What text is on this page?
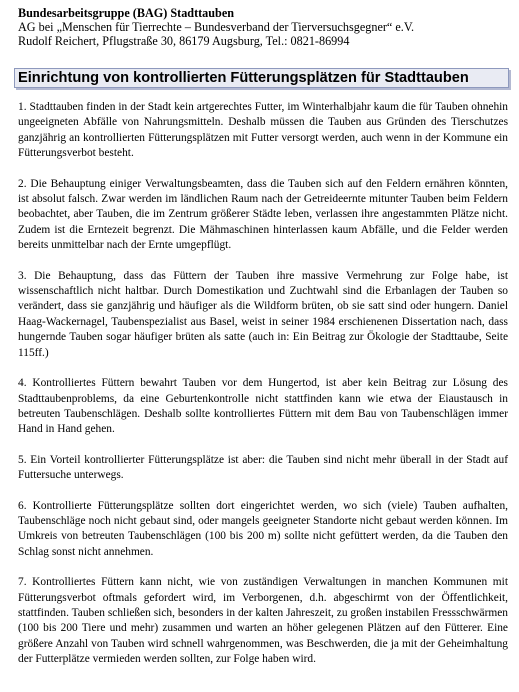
Bundesarbeitsgruppe (BAG) Stadttauben
AG bei „Menschen für Tierrechte – Bundesverband der Tierversuchsgegner“ e.V.
Rudolf Reichert, Pflugstraße 30, 86179 Augsburg, Tel.: 0821-86994
Einrichtung von kontrollierten Fütterungsplätzen für Stadttauben

1. Stadttauben finden in der Stadt kein artgerechtes Futter, im Winterhalbjahr kaum die für Tauben ohnehin ungeeigneten Abfälle von Nahrungsmitteln. Deshalb müssen die Tauben aus Gründen des Tierschutzes ganzjährig an kontrollierten Fütterungsplätzen mit Futter versorgt werden, auch wenn in der Kommune ein Fütterungsverbot besteht.

2. Die Behauptung einiger Verwaltungsbeamten, dass die Tauben sich auf den Feldern ernähren könnten, ist absolut falsch. Zwar werden im ländlichen Raum nach der Getreideernte mitunter Tauben beim Feldern beobachtet, aber Tauben, die im Zentrum größerer Städte leben, verlassen ihre angestammten Plätze nicht. Zudem ist die Erntezeit begrenzt. Die Mähmaschinen hinterlassen kaum Abfälle, und die Felder werden bereits unmittelbar nach der Ernte umgepflügt.

3. Die Behauptung, dass das Füttern der Tauben ihre massive Vermehrung zur Folge habe, ist wissenschaftlich nicht haltbar. Durch Domestikation und Zuchtwahl sind die Erbanlagen der Tauben so verändert, dass sie ganzjährig und häufiger als die Wildform brüten, ob sie satt sind oder hungern. Daniel Haag-Wackernagel, Taubenspezialist aus Basel, weist in seiner 1984 erschienenen Dissertation nach, dass hungernde Tauben sogar häufiger brüten als satte (auch in: Ein Beitrag zur Ökologie der Stadttaube, Seite 115ff.)

4. Kontrolliertes Füttern bewahrt Tauben vor dem Hungertod, ist aber kein Beitrag zur Lösung des Stadttaubenproblems, da eine Geburtenkontrolle nicht stattfinden kann wie etwa der Eiaustausch in betreuten Taubenschlägen. Deshalb sollte kontrolliertes Füttern mit dem Bau von Taubenschlägen immer Hand in Hand gehen.

5. Ein Vorteil kontrollierter Fütterungsplätze ist aber: die Tauben sind nicht mehr überall in der Stadt auf Futtersuche unterwegs.

6. Kontrollierte Fütterungsplätze sollten dort eingerichtet werden, wo sich (viele) Tauben aufhalten, Taubenschläge noch nicht gebaut sind, oder mangels geeigneter Standorte nicht gebaut werden können. Im Umkreis von betreuten Taubenschlägen (100 bis 200 m) sollte nicht gefüttert werden, da die Tauben den Schlag sonst nicht annehmen.

7. Kontrolliertes Füttern kann nicht, wie von zuständigen Verwaltungen in manchen Kommunen mit Fütterungsverbot oftmals gefordert wird, im Verborgenen, d.h. abgeschirmt von der Öffentlichkeit, stattfinden. Tauben schließen sich, besonders in der kalten Jahreszeit, zu großen instabilen Fressschwärmen (100 bis 200 Tiere und mehr) zusammen und warten an höher gelegenen Plätzen auf den Fütterer. Eine größere Anzahl von Tauben wird schnell wahrgenommen, was Beschwerden, die ja mit der Geheimhaltung der Futterplätze vermieden werden sollten, zur Folge haben wird.
